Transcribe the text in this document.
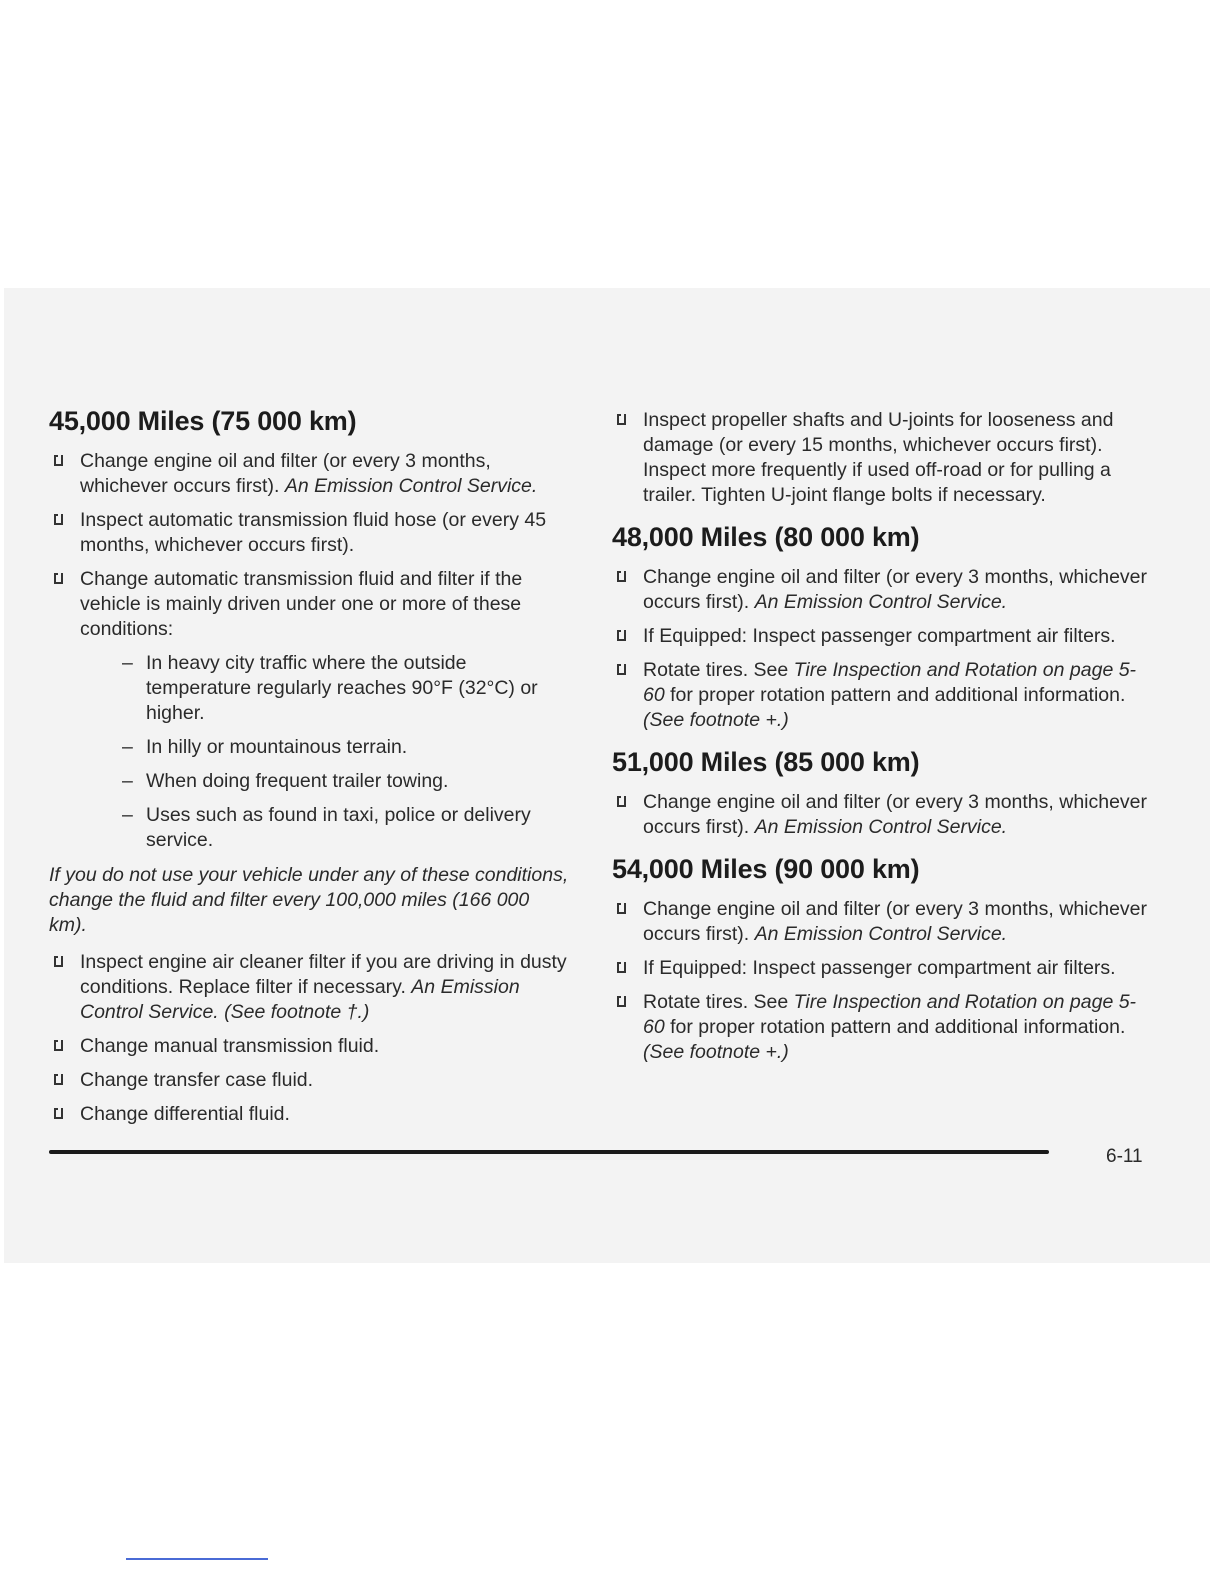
45,000 Miles (75 000 km)
Change engine oil and filter (or every 3 months, whichever occurs first). An Emission Control Service.
Inspect automatic transmission fluid hose (or every 45 months, whichever occurs first).
Change automatic transmission fluid and filter if the vehicle is mainly driven under one or more of these conditions:
– In heavy city traffic where the outside temperature regularly reaches 90°F (32°C) or higher.
– In hilly or mountainous terrain.
– When doing frequent trailer towing.
– Uses such as found in taxi, police or delivery service.

If you do not use your vehicle under any of these conditions, change the fluid and filter every 100,000 miles (166 000 km).

Inspect engine air cleaner filter if you are driving in dusty conditions. Replace filter if necessary. An Emission Control Service. (See footnote †.)
Change manual transmission fluid.
Change transfer case fluid.
Change differential fluid.
Inspect propeller shafts and U-joints for looseness and damage (or every 15 months, whichever occurs first). Inspect more frequently if used off-road or for pulling a trailer. Tighten U-joint flange bolts if necessary.
48,000 Miles (80 000 km)
Change engine oil and filter (or every 3 months, whichever occurs first). An Emission Control Service.
If Equipped: Inspect passenger compartment air filters.
Rotate tires. See Tire Inspection and Rotation on page 5-60 for proper rotation pattern and additional information. (See footnote +.)
51,000 Miles (85 000 km)
Change engine oil and filter (or every 3 months, whichever occurs first). An Emission Control Service.
54,000 Miles (90 000 km)
Change engine oil and filter (or every 3 months, whichever occurs first). An Emission Control Service.
If Equipped: Inspect passenger compartment air filters.
Rotate tires. See Tire Inspection and Rotation on page 5-60 for proper rotation pattern and additional information. (See footnote +.)
6-11
